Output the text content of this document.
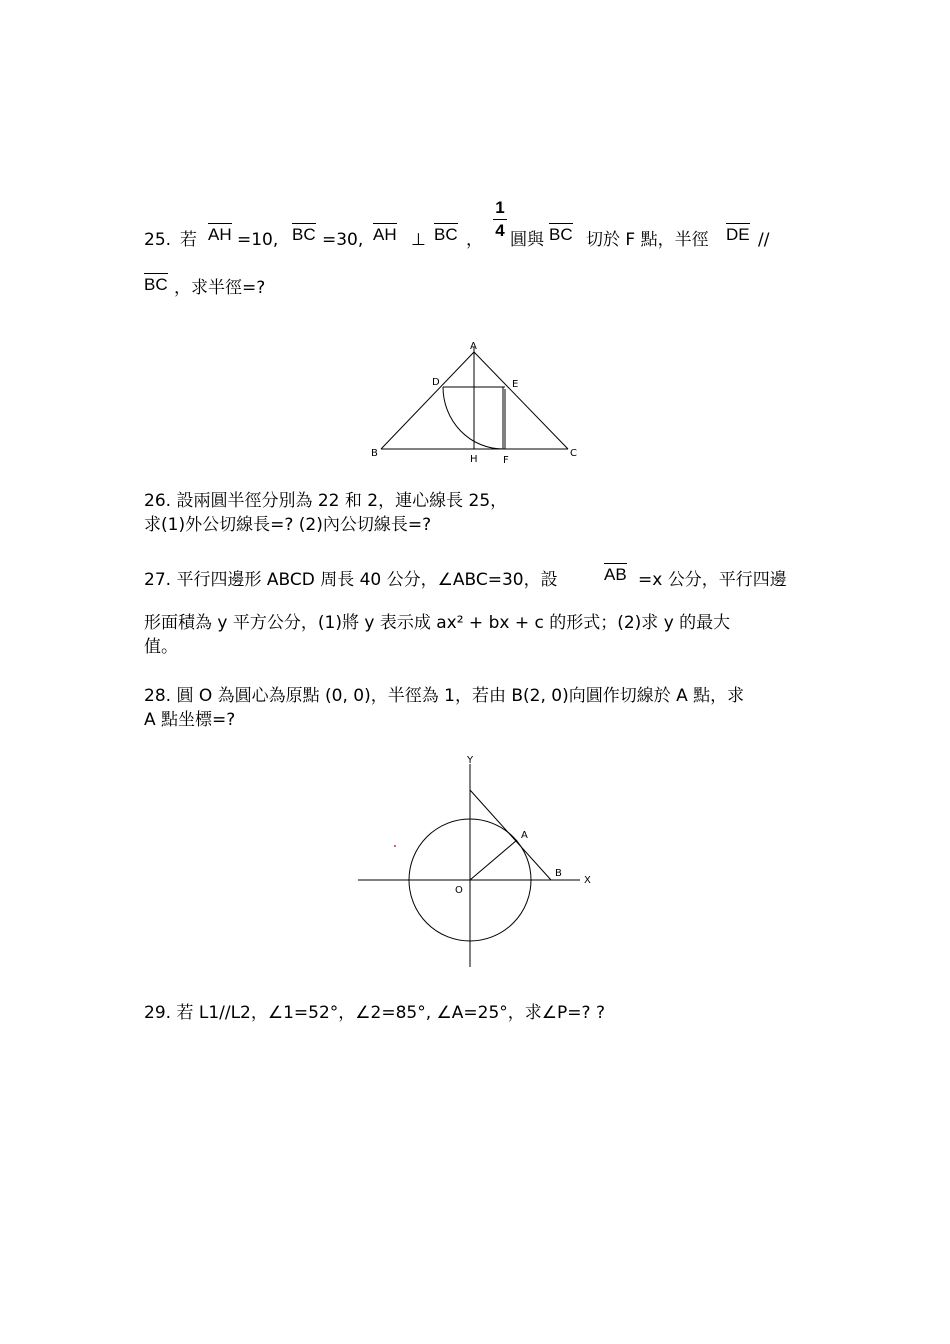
25. 若 AH =10, BC =30, AH ⊥ BC ，
1
4 圓與 BC 切於 F 點，半徑 DE //
BC ，求半徑=?
A
D	E
B
H	F
C
26. 設兩圓半徑分別為 22 和 2，連心線長 25，
求(1)外公切線長=? (2)內公切線長=?
27. 平行四邊形 ABCD 周長 40 公分，∠ABC=30，設	AB =x 公分，平行四邊
形面積為 y 平方公分，(1)將 y 表示成 ax² + bx + c 的形式；(2)求 y 的最大
值。
28. 圓 O 為圓心為原點 (0, 0)，半徑為 1，若由 B(2, 0)向圓作切線於 A 點，求
A 點坐標=?
Y
A
O
B
X
29. 若 L1//L2，∠1=52°，∠2=85°, ∠A=25°，求∠P=? ?
